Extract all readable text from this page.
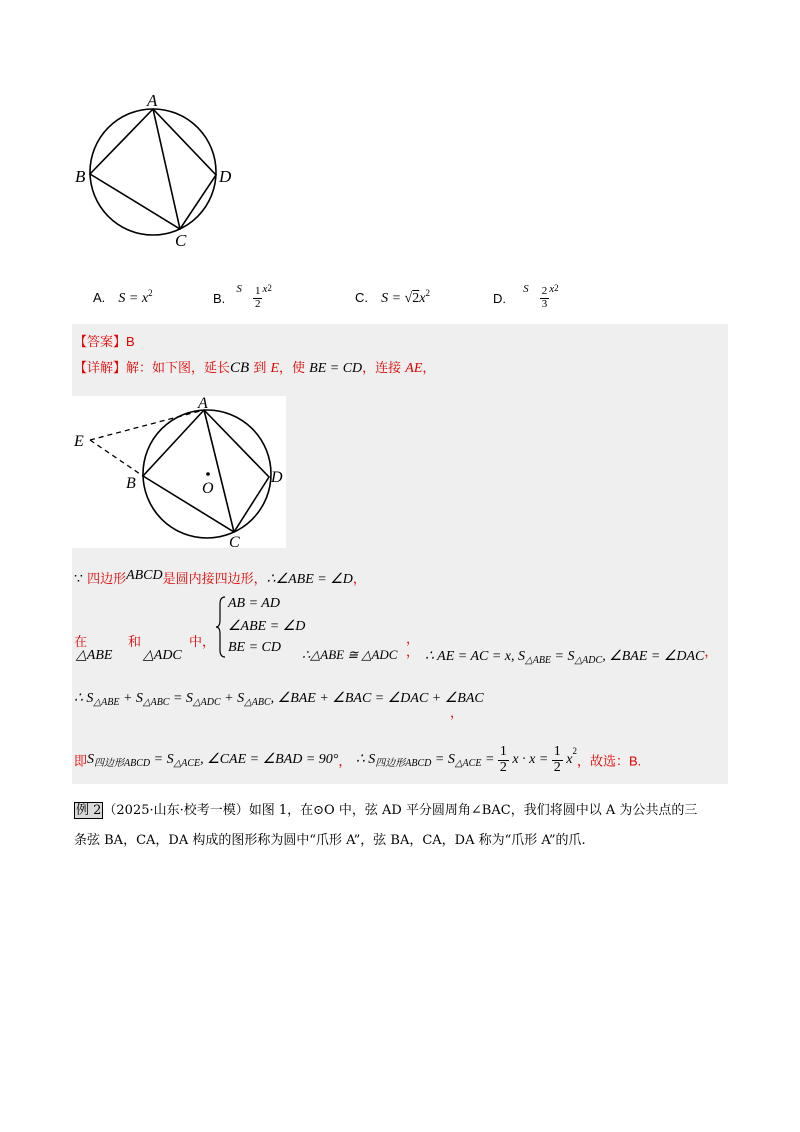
A
B
C
D
A. $S = x^2$	B. $^S \frac{1}{2} ^{x2}$
C. $S = √2x^2$	D. $^S \frac{2}{3} ^{x2}$
【答案】B
【详解】解：如下图，延长CB 到 E，使 BE = CD，连接 AE，
A
E
B	O
D
C
∵ 四边形ABCD是圆内接四边形，∴∠ABE = ∠D，
在	和	中，
△ABE △ADC
AB = AD
∠ABE = ∠D
BE = CD
，
∴△ABE ≅ △ADC ， ∴ AE = AC = x, $S_{\triangle ABE} = S_{\triangle ADC}$, ∠BAE = ∠DAC，
∴ $S_{\triangle ABE} + S_{\triangle ABC} = S_{\triangle ADC} + S_{\triangle ABC}$, ∠BAE + ∠BAC = ∠DAC + ∠BAC
，
即$S_{四边形ABCD} = S_{\triangle ACE}$, ∠CAE = ∠BAD = 90°， ∴ $S_{四边形ABCD} = S_{\triangle ACE} = \frac{1}{2}$ $x \cdot x = \frac{1}{2} x^2$，故选：B.
例 2 （2025·山东·校考一模）如图 1，在⊙O 中，弦 AD 平分圆周角∠BAC，我们将圆中以 A 为公共点的三
条弦 BA，CA，DA 构成的图形称为圆中“爪形 A”，弦 BA，CA，DA 称为“爪形 A”的爪.
